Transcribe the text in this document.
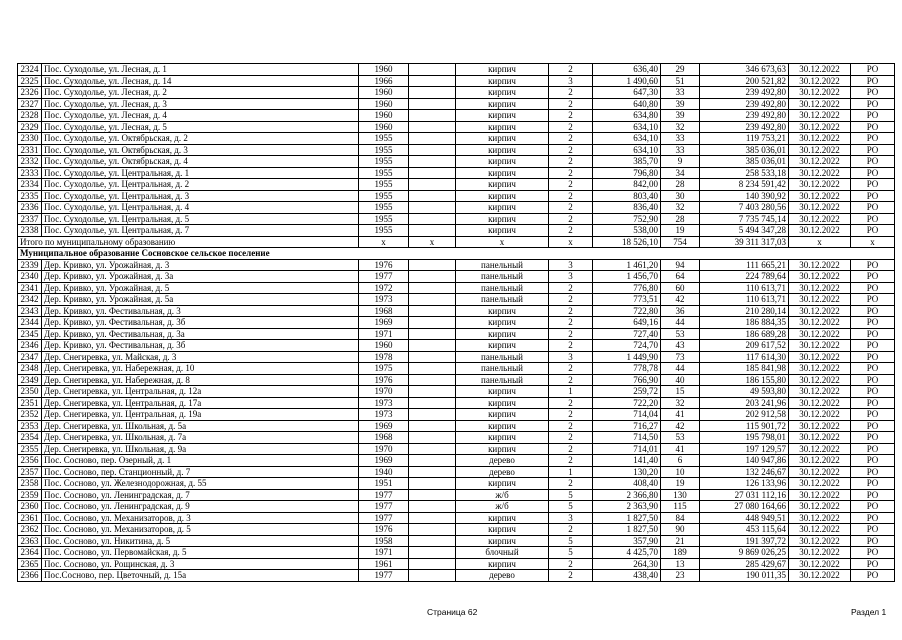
2324	Пос. Суходолье, ул. Лесная, д. 1	1960		кирпич	2	636,40	29	346 673,63	30.12.2022	РО
2325	Пос. Суходолье, ул. Лесная, д. 14	1966		кирпич	3	1 490,60	51	200 521,82	30.12.2022	РО
2326	Пос. Суходолье, ул. Лесная, д. 2	1960		кирпич	2	647,30	33	239 492,80	30.12.2022	РО
2327	Пос. Суходолье, ул. Лесная, д. 3	1960		кирпич	2	640,80	39	239 492,80	30.12.2022	РО
2328	Пос. Суходолье, ул. Лесная, д. 4	1960		кирпич	2	634,80	39	239 492,80	30.12.2022	РО
2329	Пос. Суходолье, ул. Лесная, д. 5	1960		кирпич	2	634,10	32	239 492,80	30.12.2022	РО
2330	Пос. Суходолье, ул. Октябрьская, д. 2	1955		кирпич	2	634,10	33	119 753,21	30.12.2022	РО
2331	Пос. Суходолье, ул. Октябрьская, д. 3	1955		кирпич	2	634,10	33	385 036,01	30.12.2022	РО
2332	Пос. Суходолье, ул. Октябрьская, д. 4	1955		кирпич	2	385,70	9	385 036,01	30.12.2022	РО
2333	Пос. Суходолье, ул. Центральная, д. 1	1955		кирпич	2	796,80	34	258 533,18	30.12.2022	РО
2334	Пос. Суходолье, ул. Центральная, д. 2	1955		кирпич	2	842,00	28	8 234 591,42	30.12.2022	РО
2335	Пос. Суходолье, ул. Центральная, д. 3	1955		кирпич	2	803,40	30	140 390,92	30.12.2022	РО
2336	Пос. Суходолье, ул. Центральная, д. 4	1955		кирпич	2	836,40	32	7 403 280,56	30.12.2022	РО
2337	Пос. Суходолье, ул. Центральная, д. 5	1955		кирпич	2	752,90	28	7 735 745,14	30.12.2022	РО
2338	Пос. Суходолье, ул. Центральная, д. 7	1955		кирпич	2	538,00	19	5 494 347,28	30.12.2022	РО
Итого по муниципальному образованию		x	x	x	x	18 526,10	754	39 311 317,03	x	x
Муниципальное образование Сосновское сельское поселение										
2339	Дер. Кривко, ул. Урожайная, д. 3	1976		панельный	3	1 461,20	94	111 665,21	30.12.2022	РО
2340	Дер. Кривко, ул. Урожайная, д. 3а	1977		панельный	3	1 456,70	64	224 789,64	30.12.2022	РО
2341	Дер. Кривко, ул. Урожайная, д. 5	1972		панельный	2	776,80	60	110 613,71	30.12.2022	РО
2342	Дер. Кривко, ул. Урожайная, д. 5а	1973		панельный	2	773,51	42	110 613,71	30.12.2022	РО
2343	Дер. Кривко, ул. Фестивальная, д. 3	1968		кирпич	2	722,80	36	210 280,14	30.12.2022	РО
2344	Дер. Кривко, ул. Фестивальная, д. 3б	1969		кирпич	2	649,16	44	186 884,35	30.12.2022	РО
2345	Дер. Кривко, ул. Фестивальная, д. 3а	1971		кирпич	2	727,40	53	186 689,28	30.12.2022	РО
2346	Дер. Кривко, ул. Фестивальная, д. 3б	1960		кирпич	2	724,70	43	209 617,52	30.12.2022	РО
2347	Дер. Снегиревка, ул. Майская, д. 3	1978		панельный	3	1 449,90	73	117 614,30	30.12.2022	РО
2348	Дер. Снегиревка, ул. Набережная, д. 10	1975		панельный	2	778,78	44	185 841,98	30.12.2022	РО
2349	Дер. Снегиревка, ул. Набережная, д. 8	1976		панельный	2	766,90	40	186 155,80	30.12.2022	РО
2350	Дер. Снегиревка, ул. Центральная, д. 12а	1970		кирпич	1	259,72	15	49 593,80	30.12.2022	РО
2351	Дер. Снегиревка, ул. Центральная, д. 17а	1973		кирпич	2	722,20	32	203 241,96	30.12.2022	РО
2352	Дер. Снегиревка, ул. Центральная, д. 19а	1973		кирпич	2	714,04	41	202 912,58	30.12.2022	РО
2353	Дер. Снегиревка, ул. Школьная, д. 5а	1969		кирпич	2	716,27	42	115 901,72	30.12.2022	РО
2354	Дер. Снегиревка, ул. Школьная, д. 7а	1968		кирпич	2	714,50	53	195 798,01	30.12.2022	РО
2355	Дер. Снегиревка, ул. Школьная, д. 9а	1970		кирпич	2	714,01	41	197 129,57	30.12.2022	РО
2356	Пос. Сосново, пер. Озерный, д. 1	1969		дерево	2	141,40	6	140 947,86	30.12.2022	РО
2357	Пос. Сосново, пер. Станционный, д. 7	1940		дерево	1	130,20	10	132 246,67	30.12.2022	РО
2358	Пос. Сосново, ул. Железнодорожная, д. 55	1951		кирпич	2	408,40	19	126 133,96	30.12.2022	РО
2359	Пос. Сосново, ул. Ленинградская, д. 7	1977		ж/б	5	2 366,80	130	27 031 112,16	30.12.2022	РО
2360	Пос. Сосново, ул. Ленинградская, д. 9	1977		ж/б	5	2 363,90	115	27 080 164,66	30.12.2022	РО
2361	Пос. Сосново, ул. Механизаторов, д. 3	1977		кирпич	3	1 827,50	84	448 949,51	30.12.2022	РО
2362	Пос. Сосново, ул. Механизаторов, д. 5	1976		кирпич	2	1 827,50	90	453 115,64	30.12.2022	РО
2363	Пос. Сосново, ул. Никитина, д. 5	1958		кирпич	5	357,90	21	191 397,72	30.12.2022	РО
2364	Пос. Сосново, ул. Первомайская, д. 5	1971		блочный	5	4 425,70	189	9 869 026,25	30.12.2022	РО
2365	Пос. Сосново, ул. Рощинская, д. 3	1961		кирпич	2	264,30	13	285 429,67	30.12.2022	РО
2366	Пос.Сосново, пер. Цветочный, д. 15а	1977		дерево	2	438,40	23	190 011,35	30.12.2022	РО
Страница 62	Раздел 1
